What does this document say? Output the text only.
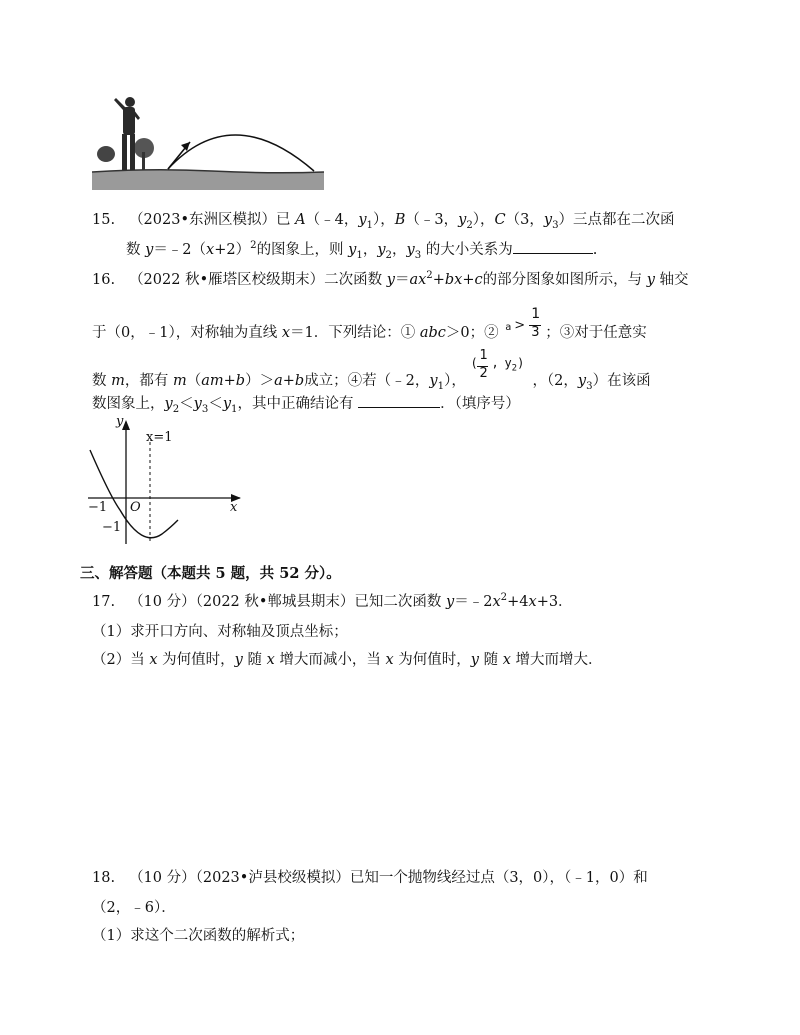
15. （2023•东洲区模拟）已 A（﹣4，$y_1$），B（﹣3，$y_2$），C（3，$y_3$）三点都在二次函
数 $y=﹣2(x+2)^2$的图象上，则 $y_1$，$y_2$，$y_3$ 的大小关系为	.
16. （2022 秋•雁塔区校级期末）二次函数 $y=ax^2+bx+c$的部分图象如图所示，与 y 轴交
于（0，﹣1），对称轴为直线 x＝1．下列结论：① abc＞0；② a >
1
3 ；③对于任意实
数 m，都有 m（am+b）＞a+b成立；④若（﹣2，$y_1$），
( 1
2
, $y_2$)
，（2，$y_3$）在该函
数图象上，$y_2<y_3<y_1$，其中正确结论有	．（填序号）
y
x=1
x
−1 O
−1
三、解答题（本题共 5 题，共 52 分）。
17. （10 分）（2022 秋•郸城县期末）已知二次函数 $y=﹣2x^2+4x+3$．
（1）求开口方向、对称轴及顶点坐标；
（2）当 x 为何值时，y 随 x 增大而减小，当 x 为何值时，y 随 x 增大而增大．
18. （10 分）（2023•泸县校级模拟）已知一个抛物线经过点（3，0），（﹣1，0）和
（2，﹣6）．
（1）求这个二次函数的解析式；
